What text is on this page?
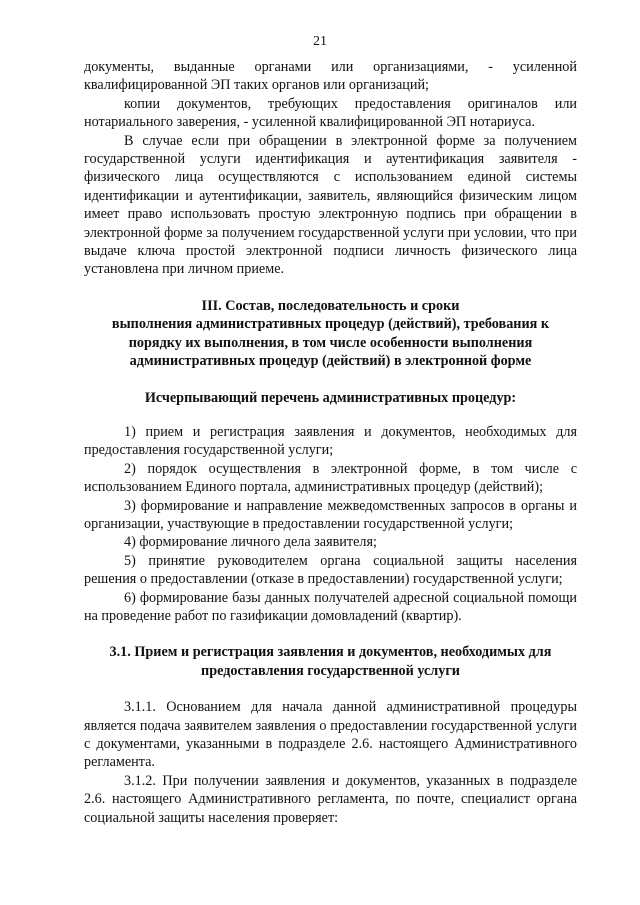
21

документы, выданные органами или организациями, - усиленной квалифицированной ЭП таких органов или организаций;

копии документов, требующих предоставления оригиналов или нотариального заверения, - усиленной квалифицированной ЭП нотариуса.

В случае если при обращении в электронной форме за получением государственной услуги идентификация и аутентификация заявителя - физического лица осуществляются с использованием единой системы идентификации и аутентификации, заявитель, являющийся физическим лицом имеет право использовать простую электронную подпись при обращении в электронной форме за получением государственной услуги при условии, что при выдаче ключа простой электронной подписи личность физического лица установлена при личном приеме.

III. Состав, последовательность и сроки
выполнения административных процедур (действий), требования к порядку их выполнения, в том числе особенности выполнения административных процедур (действий) в электронной форме
Исчерпывающий перечень административных процедур:

1) прием и регистрация заявления и документов, необходимых для предоставления государственной услуги;

2) порядок осуществления в электронной форме, в том числе с использованием Единого портала, административных процедур (действий);

3) формирование и направление межведомственных запросов в органы и организации, участвующие в предоставлении государственной услуги;

4) формирование личного дела заявителя;

5) принятие руководителем органа социальной защиты населения решения о предоставлении (отказе в предоставлении) государственной услуги;

6) формирование базы данных получателей адресной социальной помощи на проведение работ по газификации домовладений (квартир).

3.1. Прием и регистрация заявления и документов, необходимых для предоставления государственной услуги

3.1.1. Основанием для начала данной административной процедуры является подача заявителем заявления о предоставлении государственной услуги с документами, указанными в подразделе 2.6. настоящего Административного регламента.

3.1.2. При получении заявления и документов, указанных в подразделе 2.6. настоящего Административного регламента, по почте, специалист органа социальной защиты населения проверяет:
